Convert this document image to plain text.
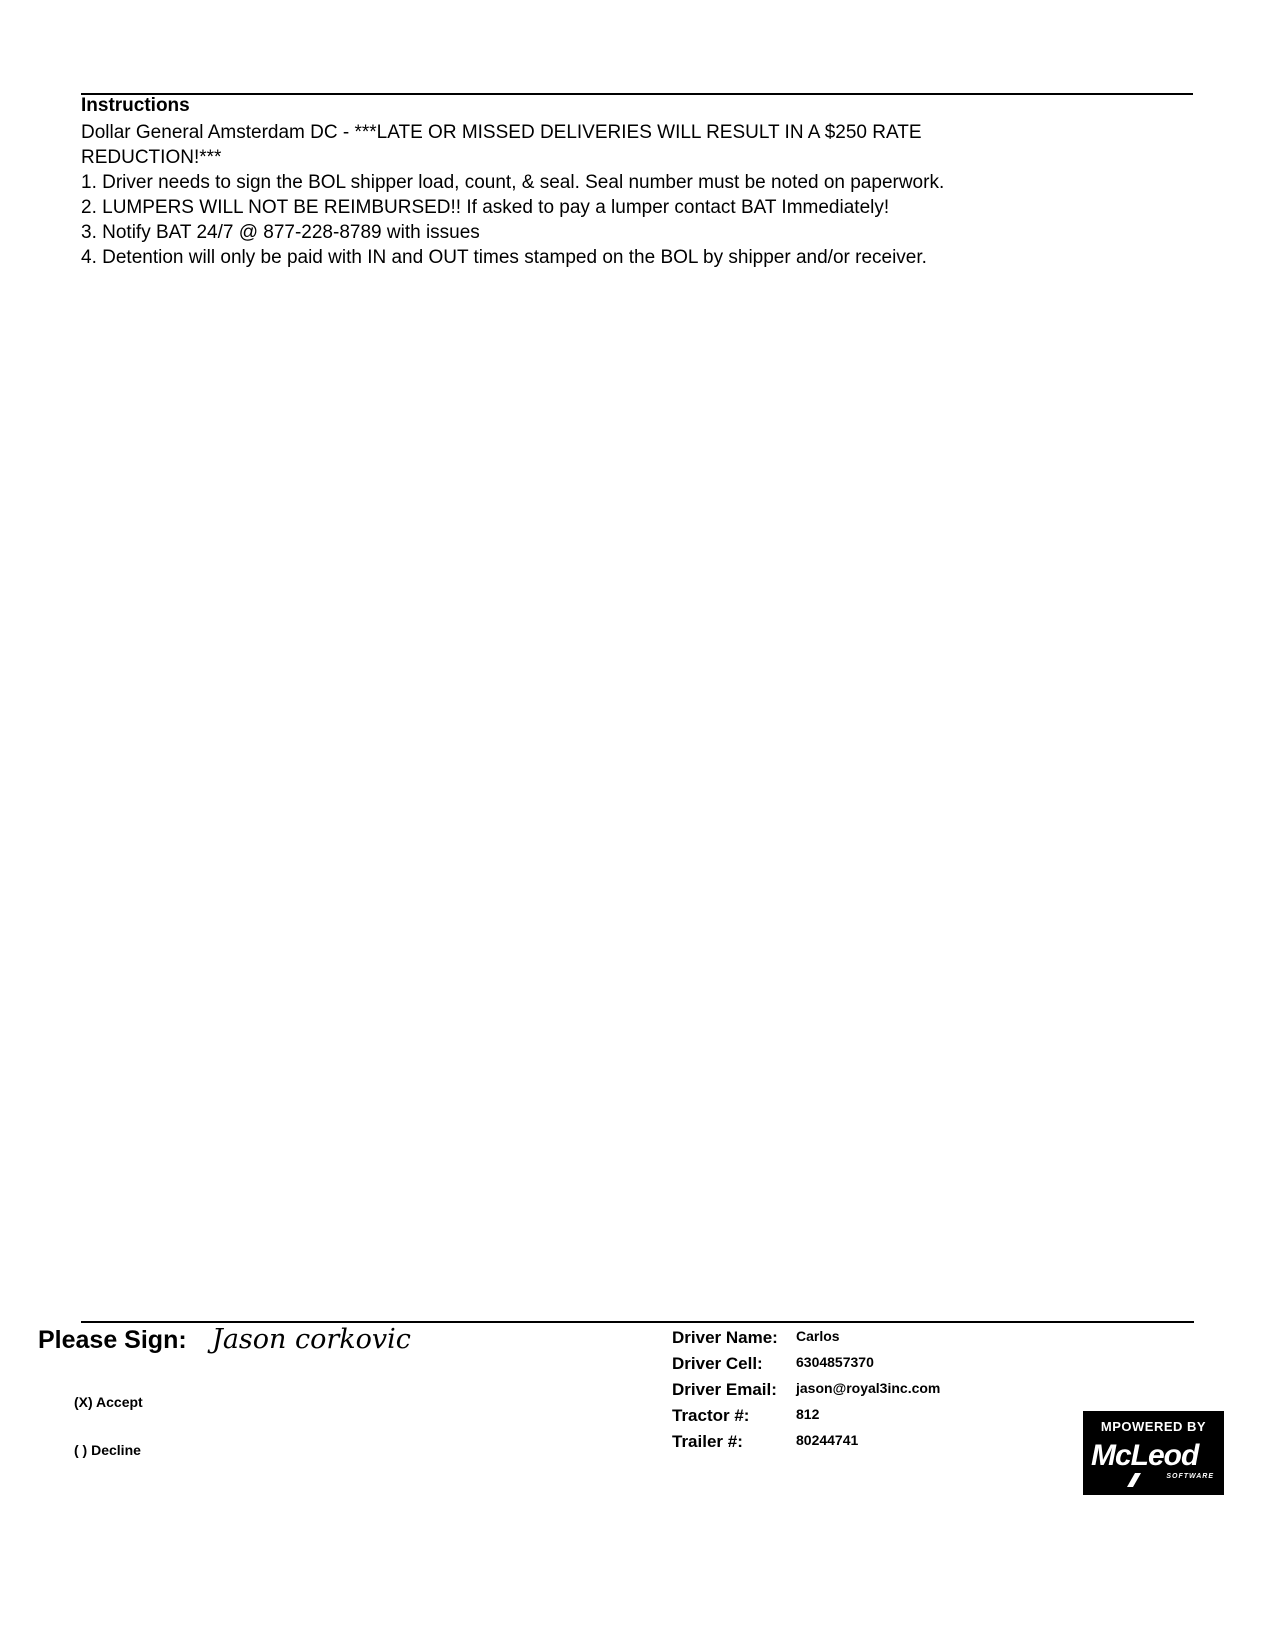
Instructions
Dollar General Amsterdam DC - ***LATE OR MISSED DELIVERIES WILL RESULT IN A $250 RATE REDUCTION!***
1. Driver needs to sign the BOL shipper load, count, & seal. Seal number must be noted on paperwork.
2. LUMPERS WILL NOT BE REIMBURSED!! If asked to pay a lumper contact BAT Immediately!
3. Notify BAT 24/7 @ 877-228-8789 with issues
4. Detention will only be paid with IN and OUT times stamped on the BOL by shipper and/or receiver.
Please Sign: Jason corkovic
(X) Accept
( ) Decline
Driver Name: Carlos
Driver Cell: 6304857370
Driver Email: jason@royal3inc.com
Tractor #:	812
Trailer #:	80244741
MPOWERED BY
McLeod
SOFTWARE
